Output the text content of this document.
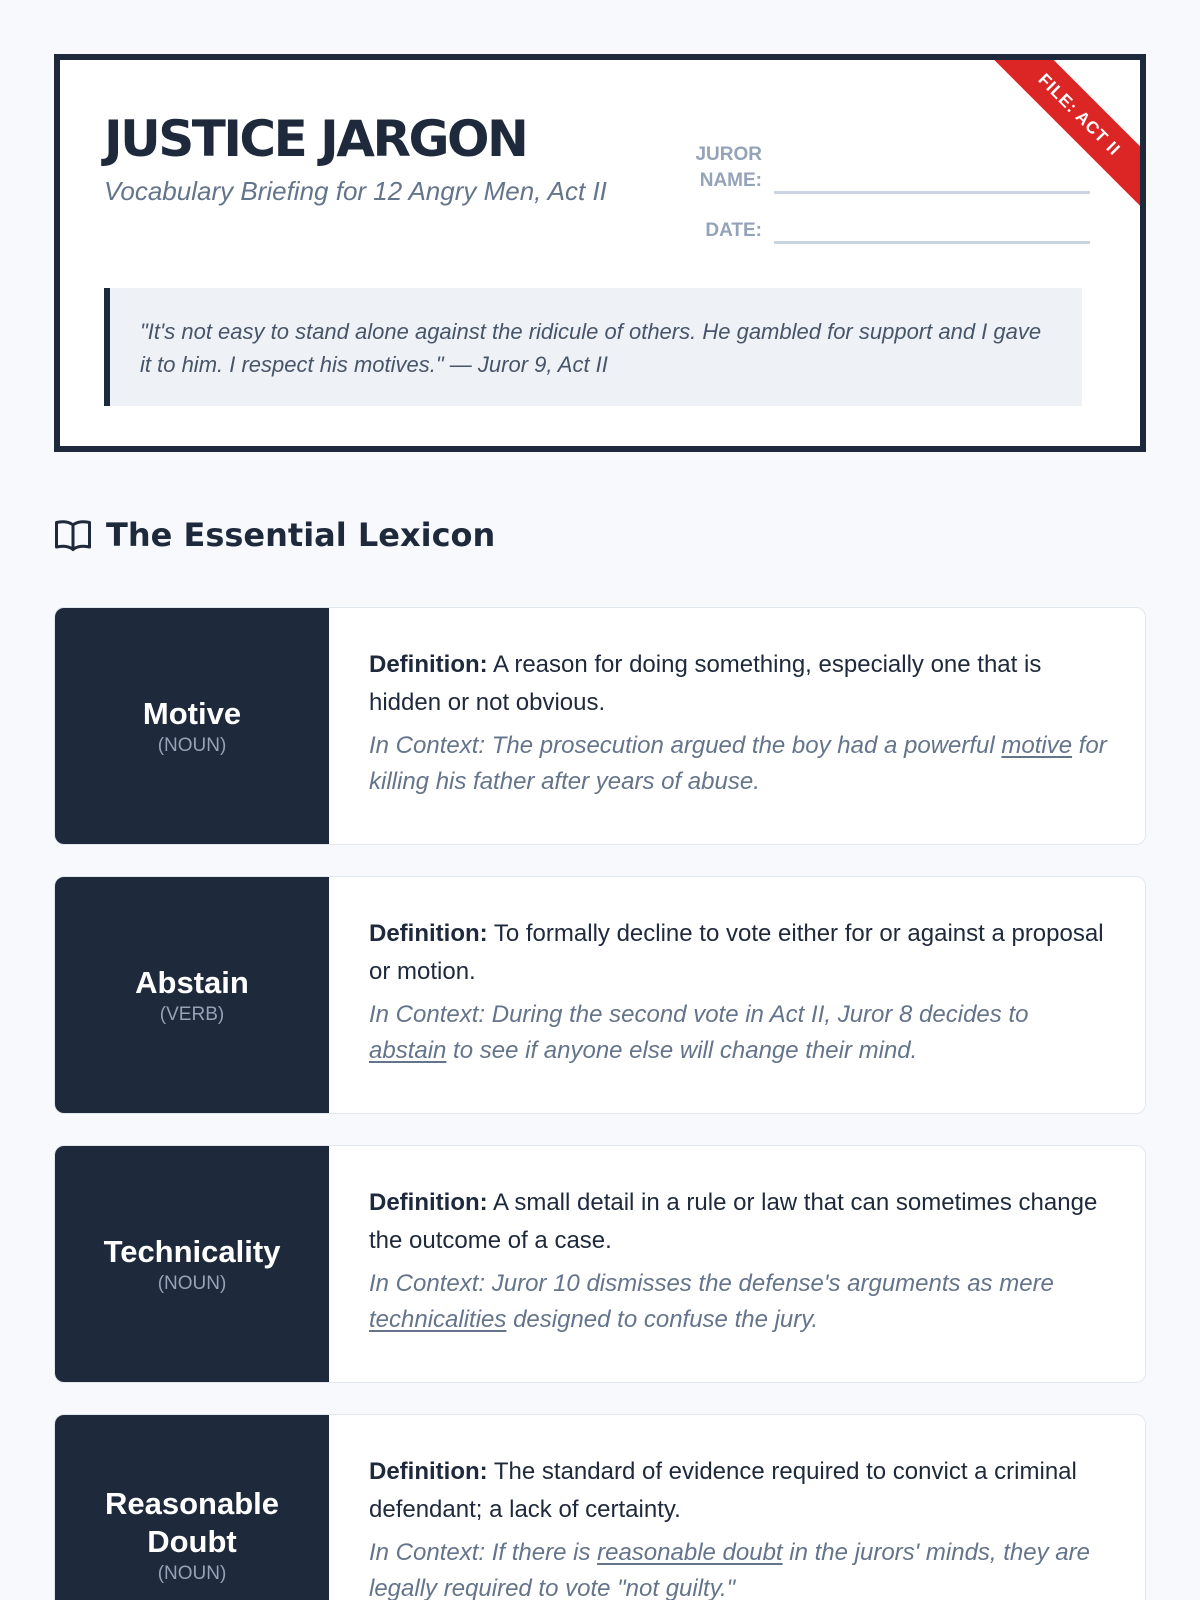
FILE: ACT II
JUSTICE JARGON

Vocabulary Briefing for 12 Angry Men, Act II

JUROR NAME:
DATE:
"It's not easy to stand alone against the ridicule of others. He gambled for support and I gave it to him. I respect his motives." — Juror 9, Act II
The Essential Lexicon
Motive
(NOUN)

Definition: A reason for doing something, especially one that is hidden or not obvious.

In Context: The prosecution argued the boy had a powerful motive for killing his father after years of abuse.

Abstain
(VERB)

Definition: To formally decline to vote either for or against a proposal or motion.

In Context: During the second vote in Act II, Juror 8 decides to abstain to see if anyone else will change their mind.

Technicality
(NOUN)

Definition: A small detail in a rule or law that can sometimes change the outcome of a case.

In Context: Juror 10 dismisses the defense's arguments as mere technicalities designed to confuse the jury.

Reasonable Doubt
(NOUN)

Definition: The standard of evidence required to convict a criminal defendant; a lack of certainty.

In Context: If there is reasonable doubt in the jurors' minds, they are legally required to vote "not guilty."
